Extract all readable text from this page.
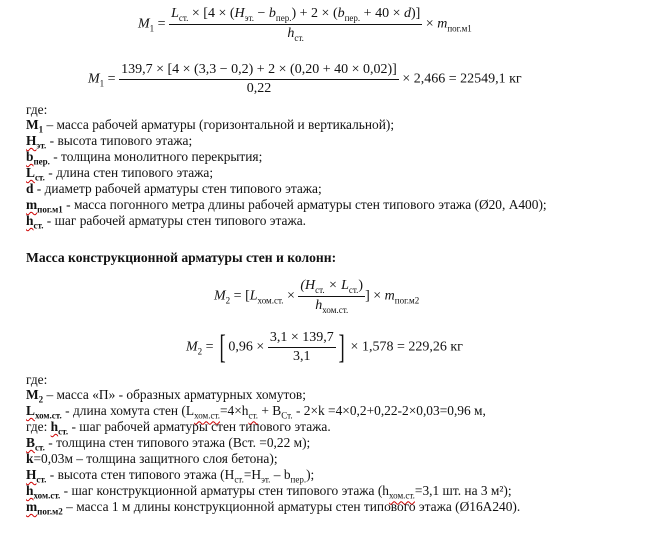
$M_1 = \frac{L_{ст.} \times [4 \times (H_{эт.} - b_{пер.}) + 2 \times (b_{пер.} + 40 \times d)]}{h_{ст.}} \times m_{пог.м1}$
$M_1 = \frac{139,7 \times [4 \times (3,3 - 0,2) + 2 \times (0,20 + 40 \times 0,02)]}{0,22} \times 2,466 = 22549,1$ кг
где:
$M_1$ – масса рабочей арматуры (горизонтальной и вертикальной);
$H_{эт.}$ - высота типового этажа;
$b_{пер.}$ - толщина монолитного перекрытия;
$L_{ст.}$ - длина стен типового этажа;
d - диаметр рабочей арматуры стен типового этажа;
$m_{пог.м1}$ - масса погонного метра длины рабочей арматуры стен типового этажа (Ø20, А400);
$h_{ст.}$ - шаг рабочей арматуры стен типового этажа.
Масса конструкционной арматуры стен и колонн:
$M_2 = [L_{хом.ст.} \times \frac{(H_{ст.} \times L_{ст.})}{h_{хом.ст.}}$ ] × $m_{пог.м2}$
$M_2$ = [ $0,96 \times \frac{3,1 \times 139,7}{3,1}$ ] × 1,578 = 229,26 кг
где:
$M_2$ – масса «П» - образных арматурных хомутов;
$L_{хом.ст.}$ - длина хомута стен ($L_{хом.ст.}=4\times h_{ст.} + B_{Ст.} - 2\times k =4\times 0,2+0,22-2\times 0,03=0,96$ м,
где: $h_{ст.}$ - шаг рабочей арматуры стен типового этажа.
$B_{ст.}$ - толщина стен типового этажа (Bст. =0,22 м);
k=0,03м – толщина защитного слоя бетона);
$H_{ст.}$ - высота стен типового этажа $(H_{ст.}=H_{эт.} - b_{пер.})$;
$h_{хом.ст.}$ - шаг конструкционной арматуры стен типового этажа ($h_{хом.ст.}=3,1$ шт. на 3 м²);
$m_{пог.м2}$ – масса 1 м длины конструкционной арматуры стен типового этажа (Ø16А240).
